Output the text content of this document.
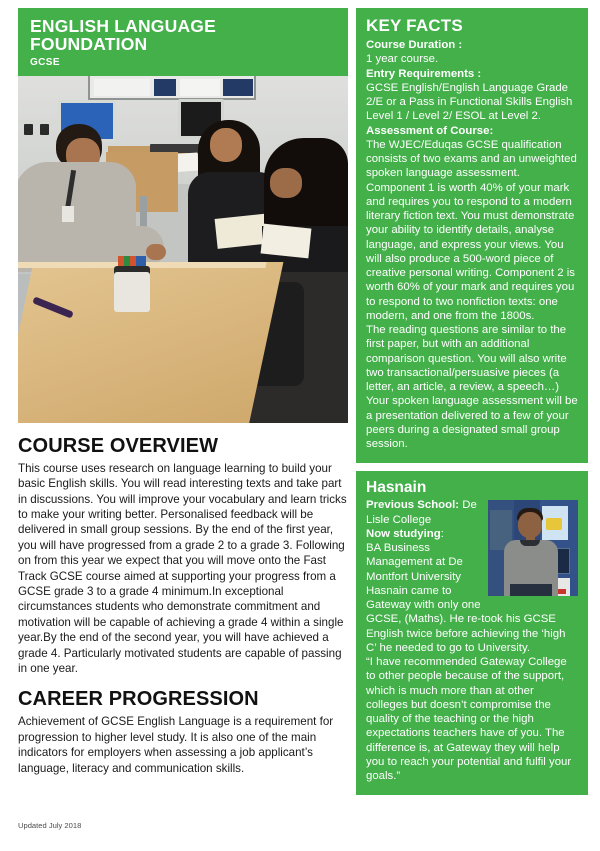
ENGLISH LANGUAGE FOUNDATION
GCSE
COURSE OVERVIEW

This course uses research on language learning to build your basic English skills. You will read interesting texts and take part in discussions. You will improve your vocabulary and learn tricks to make your writing better. Personalised feedback will be delivered in small group sessions. By the end of the first year, you will have progressed from a grade 2 to a grade 3. Following on from this year we expect that you will move onto the Fast Track GCSE course aimed at supporting your progress from a GCSE grade 3 to a grade 4 minimum.In exceptional circumstances students who demonstrate commitment and motivation will be capable of achieving a grade 4 within a single year.By the end of the second year, you will have achieved a grade 4. Particularly motivated students are capable of passing in one year.

CAREER PROGRESSION

Achievement of GCSE English Language is a requirement for progression to higher level study. It is also one of the main indicators for employers when assessing a job applicant’s language, literacy and communication skills.

Updated July 2018
KEY FACTS
Course Duration :
1 year course.
Entry Requirements :
GCSE English/English Language Grade 2/E or a Pass in Functional Skills English Level 1 / Level 2/ ESOL at Level 2.
Assessment of Course:
The WJEC/Eduqas GCSE qualification consists of two exams and an unweighted spoken language assessment.
Component 1 is worth 40% of your mark and requires you to respond to a modern literary fiction text. You must demonstrate your ability to identify details, analyse language, and express your views. You will also produce a 500-word piece of creative personal writing. Component 2 is worth 60% of your mark and requires you to respond to two nonfiction texts: one modern, and one from the 1800s.
The reading questions are similar to the first paper, but with an additional comparison question. You will also write two transactional/persuasive pieces (a letter, an article, a review, a speech…)
Your spoken language assessment will be a presentation delivered to a few of your peers during a designated small group session.
Hasnain
Previous School: De Lisle College
Now studying:
BA Business Management at De Montfort University
Hasnain came to Gateway with only one GCSE, (Maths). He re-took his GCSE English twice before achieving the ‘high C’ he needed to go to University.
“I have recommended Gateway College to other people because of the support, which is much more than at other colleges but doesn’t compromise the quality of the teaching or the high expectations teachers have of you. The difference is, at Gateway they will help you to reach your potential and fulfil your goals.”
